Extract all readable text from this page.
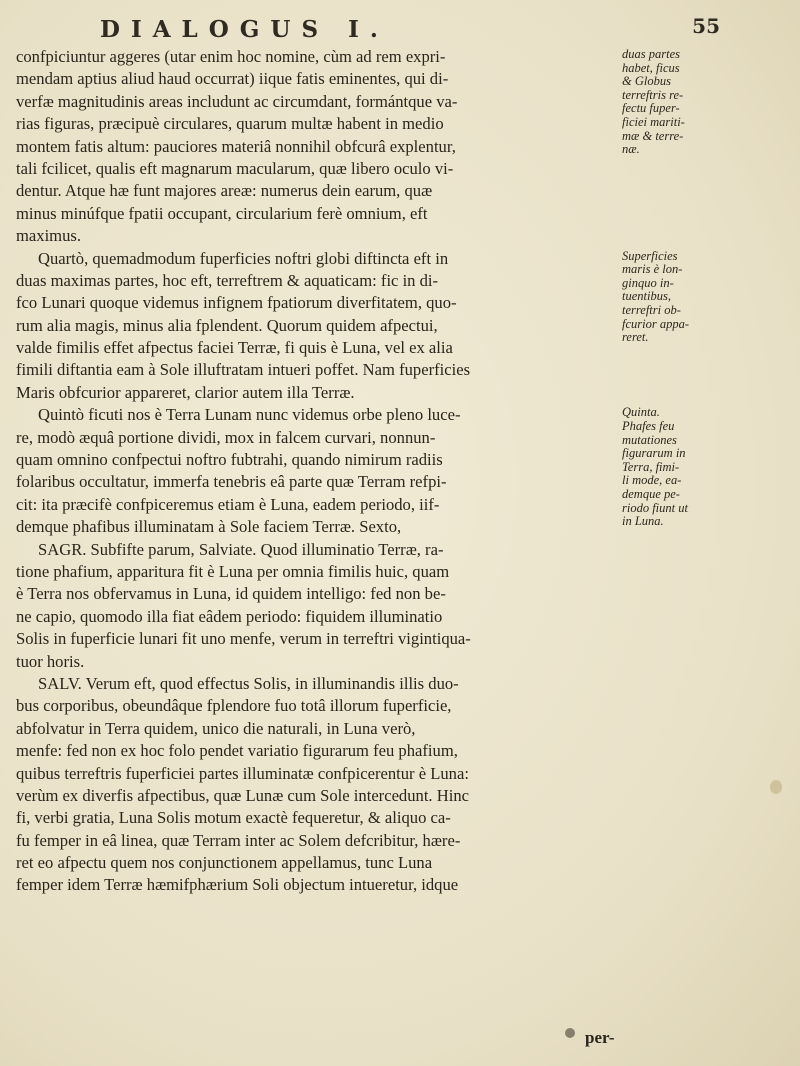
DIALOGUS I.	55
confpiciuntur aggeres (utar enim hoc nomine, cùm ad rem expri-
mendam aptius aliud haud occurrat) iique fatis eminentes, qui di-
verfæ magnitudinis areas includunt ac circumdant, formántque va-
rias figuras, præcipuè circulares, quarum multæ habent in medio
montem fatis altum: pauciores materiâ nonnihil obfcurâ explentur,
tali fcilicet, qualis eft magnarum macularum, quæ libero oculo vi-
dentur. Atque hæ funt majores areæ: numerus dein earum, quæ
minus minúfque fpatii occupant, circularium ferè omnium, eft
maximus.
Quartò, quemadmodum fuperficies noftri globi diftincta eft in
duas maximas partes, hoc eft, terreftrem & aquaticam: fic in di-
fco Lunari quoque videmus infignem fpatiorum diverfitatem, quo-
rum alia magis, minus alia fplendent. Quorum quidem afpectui,
valde fimilis effet afpectus faciei Terræ, fi quis è Luna, vel ex alia
fimili diftantia eam à Sole illuftratam intueri poffet. Nam fuperficies
Maris obfcurior appareret, clarior autem illa Terræ.
Quintò ficuti nos è Terra Lunam nunc videmus orbe pleno luce-
re, modò æquâ portione dividi, mox in falcem curvari, nonnun-
quam omnino confpectui noftro fubtrahi, quando nimirum radiis
folaribus occultatur, immerfa tenebris eâ parte quæ Terram refpi-
cit: ita præcifè confpiceremus etiam è Luna, eadem periodo, iif-
demque phafibus illuminatam à Sole faciem Terræ. Sexto,
SAGR. Subfifte parum, Salviate. Quod illuminatio Terræ, ra-
tione phafium, apparitura fit è Luna per omnia fimilis huic, quam
è Terra nos obfervamus in Luna, id quidem intelligo: fed non be-
ne capio, quomodo illa fiat eâdem periodo: fiquidem illuminatio
Solis in fuperficie lunari fit uno menfe, verum in terreftri vigintiqua-
tuor horis.
SALV. Verum eft, quod effectus Solis, in illuminandis illis duo-
bus corporibus, obeundâque fplendore fuo totâ illorum fuperficie,
abfolvatur in Terra quidem, unico die naturali, in Luna verò,
menfe: fed non ex hoc folo pendet variatio figurarum feu phafium,
quibus terreftris fuperficiei partes illuminatæ confpicerentur è Luna:
verùm ex diverfis afpectibus, quæ Lunæ cum Sole intercedunt. Hinc
fi, verbi gratia, Luna Solis motum exactè fequeretur, & aliquo ca-
fu femper in eâ linea, quæ Terram inter ac Solem defcribitur, hære-
ret eo afpectu quem nos conjunctionem appellamus, tunc Luna
femper idem Terræ hæmifphærium Soli objectum intueretur, idque
duas partes
habet, ficus
& Globus
terreftris re-
fectu fuper-
ficiei mariti-
mæ & terre-
næ.
Superficies
maris è lon-
ginquo in-
tuentibus,
terreftri ob-
fcurior appa-
reret.
Quinta.
Phafes feu
mutationes
figurarum in
Terra, fimi-
li mode, ea-
demque pe-
riodo fiunt ut
in Luna.
per-
